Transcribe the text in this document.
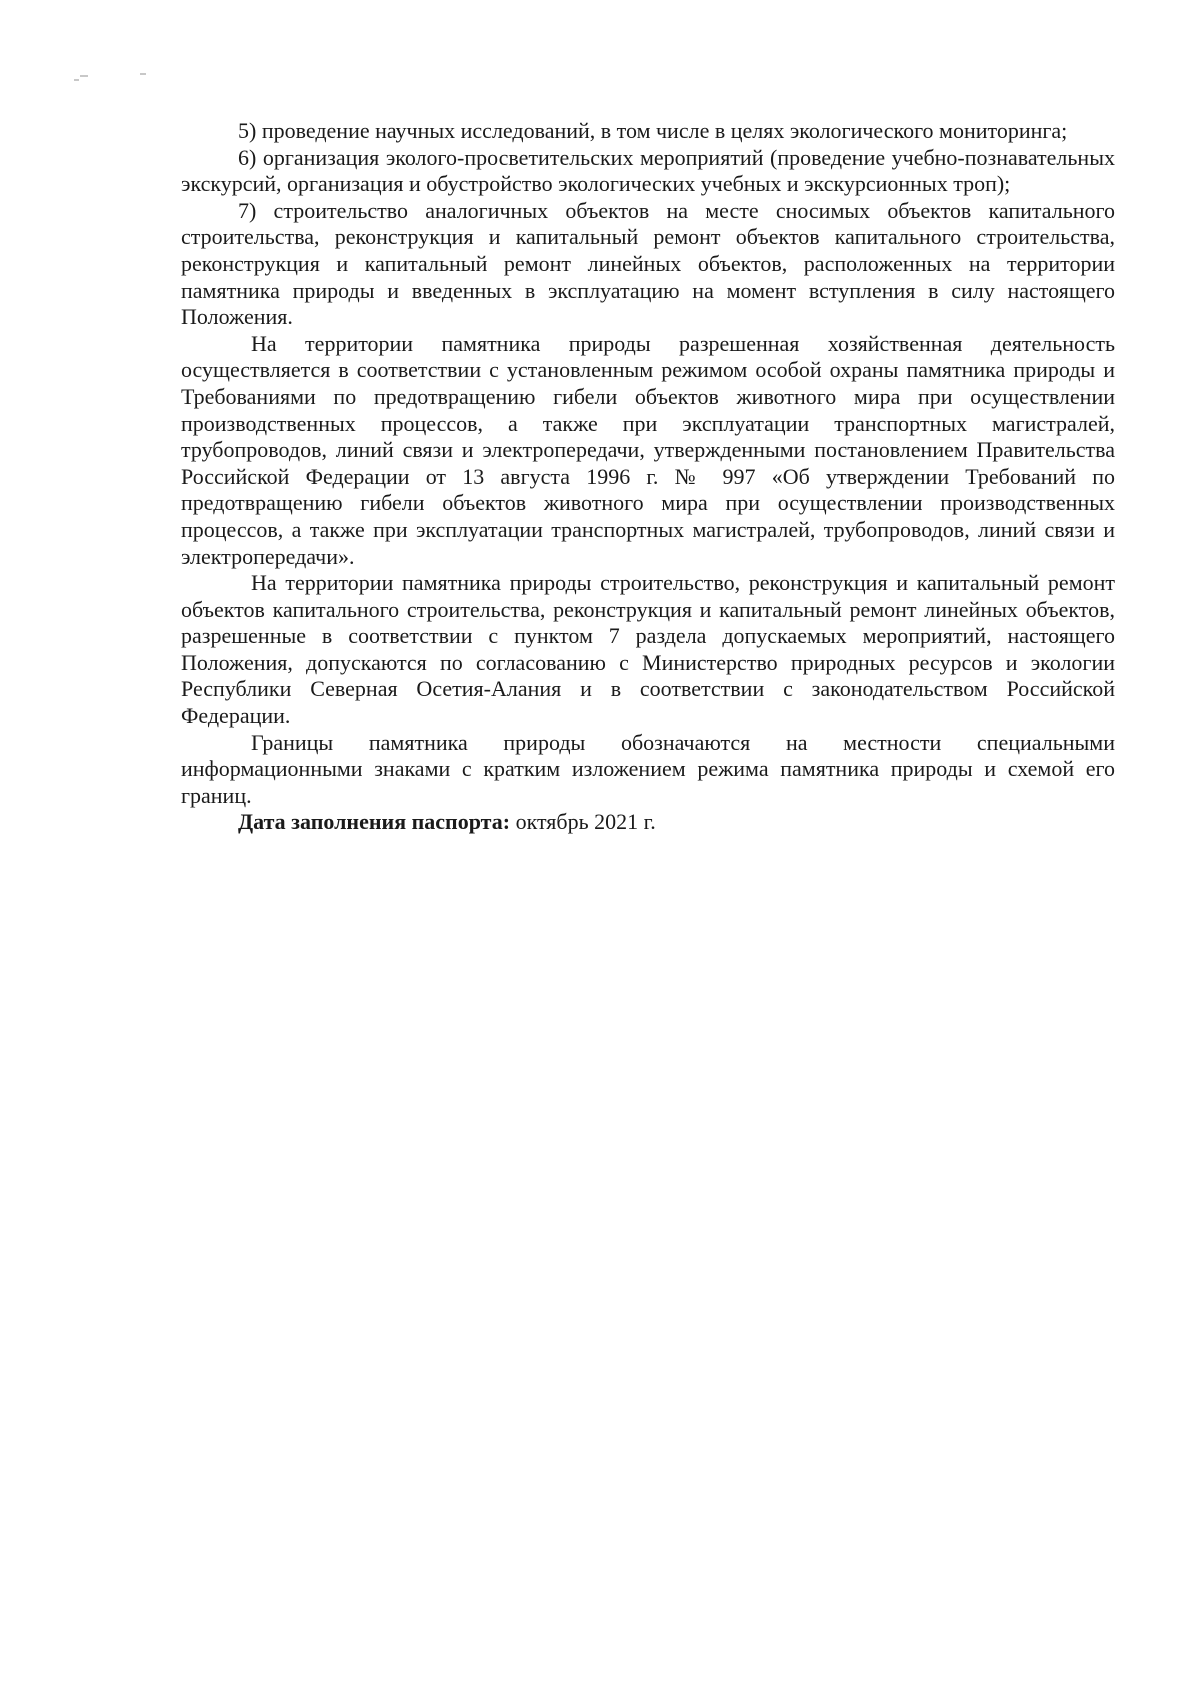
5) проведение научных исследований, в том числе в целях экологического мониторинга;

6) организация эколого-просветительских мероприятий (проведение учебно-познавательных экскурсий, организация и обустройство экологических учебных и экскурсионных троп);

7) строительство аналогичных объектов на месте сносимых объектов капитального строительства, реконструкция и капитальный ремонт объектов капитального строительства, реконструкция и капитальный ремонт линейных объектов, расположенных на территории памятника природы и введенных в эксплуатацию на момент вступления в силу настоящего Положения.

На территории памятника природы разрешенная хозяйственная деятельность осуществляется в соответствии с установленным режимом особой охраны памятника природы и Требованиями по предотвращению гибели объектов животного мира при осуществлении производственных процессов, а также при эксплуатации транспортных магистралей, трубопроводов, линий связи и электропередачи, утвержденными постановлением Правительства Российской Федерации от 13 августа 1996 г. № 997 «Об утверждении Требований по предотвращению гибели объектов животного мира при осуществлении производственных процессов, а также при эксплуатации транспортных магистралей, трубопроводов, линий связи и электропередачи».

На территории памятника природы строительство, реконструкция и капитальный ремонт объектов капитального строительства, реконструкция и капитальный ремонт линейных объектов, разрешенные в соответствии с пунктом 7 раздела допускаемых мероприятий, настоящего Положения, допускаются по согласованию с Министерство природных ресурсов и экологии Республики Северная Осетия-Алания и в соответствии с законодательством Российской Федерации.

Границы памятника природы обозначаются на местности специальными информационными знаками с кратким изложением режима памятника природы и схемой его границ.

Дата заполнения паспорта: октябрь 2021 г.
